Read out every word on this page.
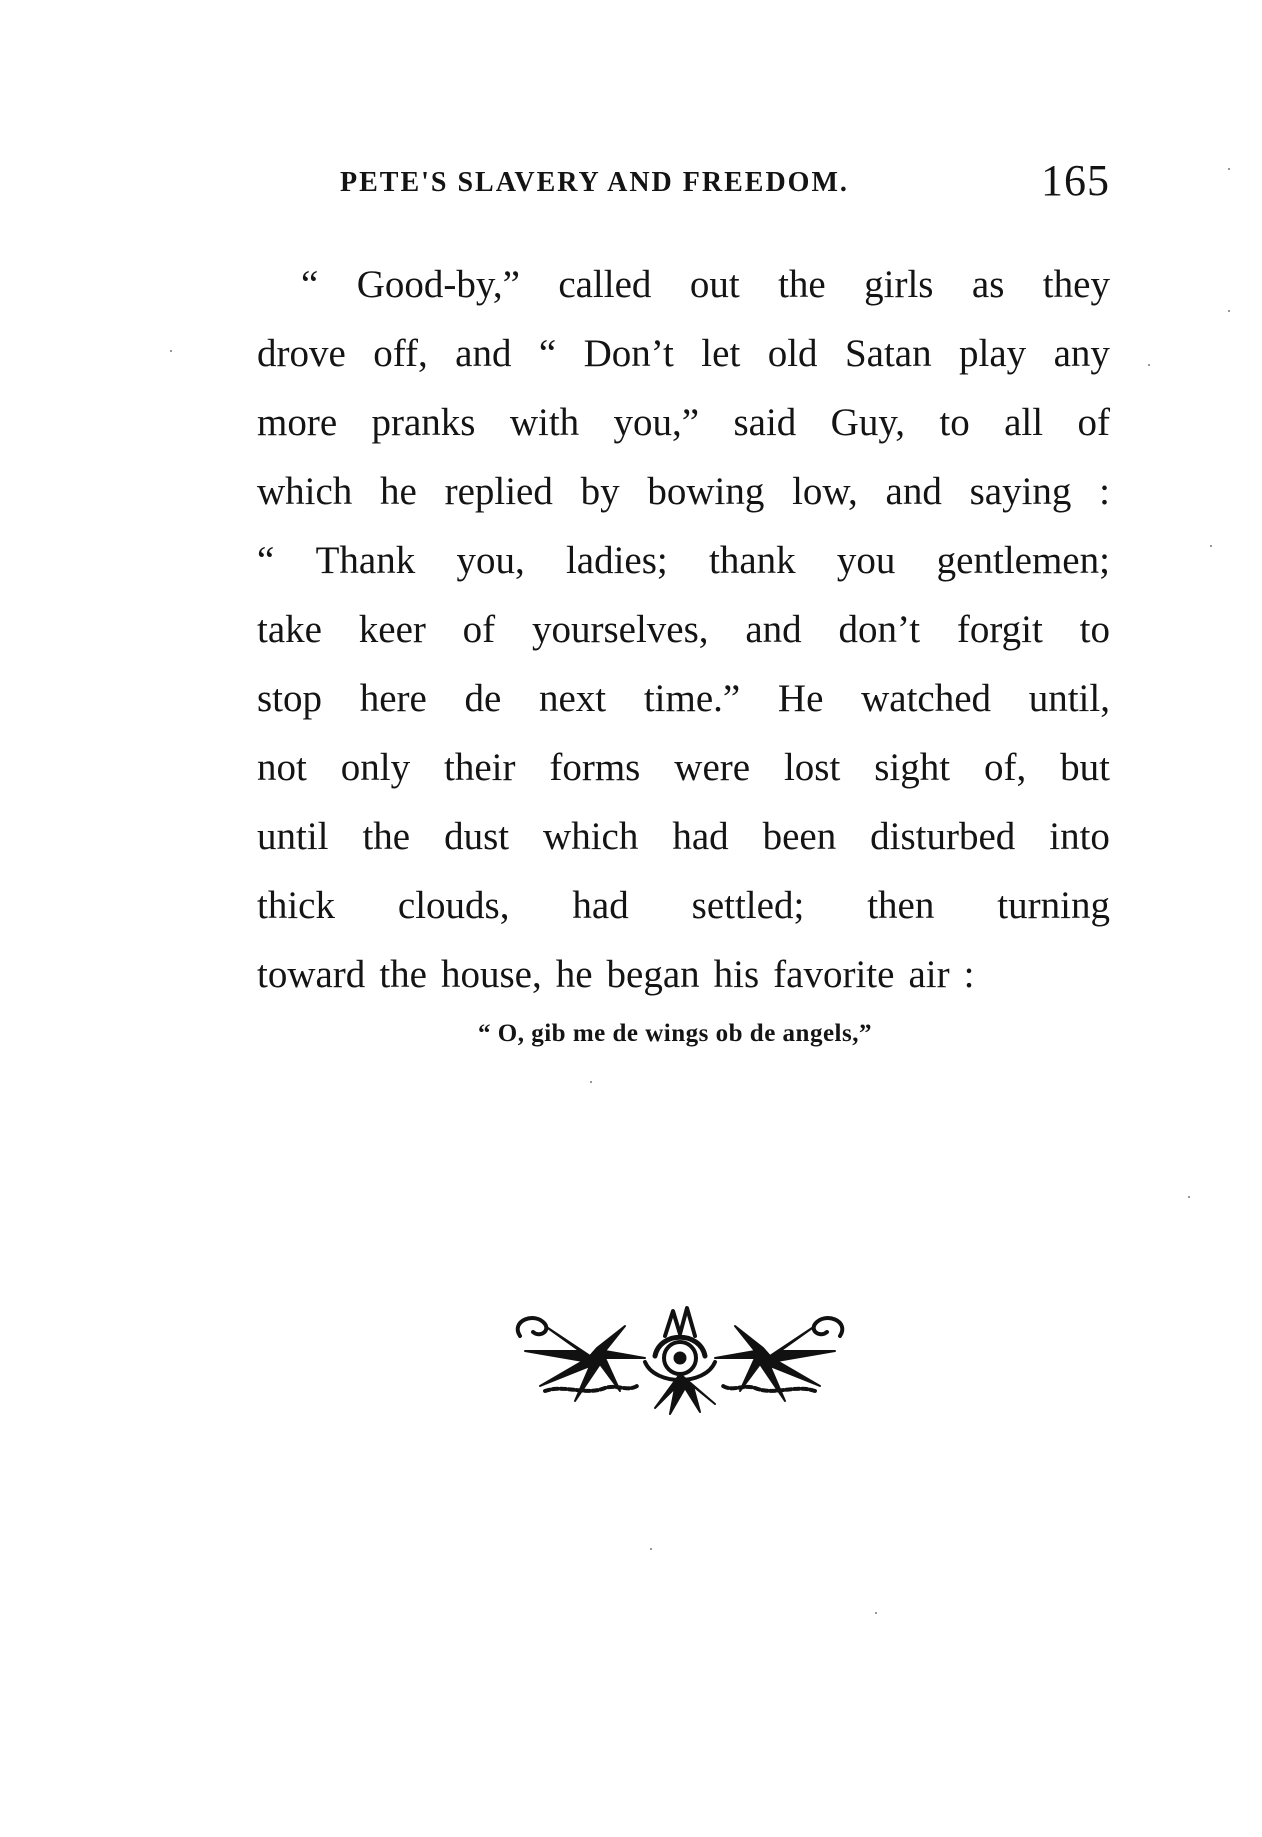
PETE'S SLAVERY AND FREEDOM.	165
“ Good-by,” called out the girls as they
drove off, and “ Don’t let old Satan play any
more pranks with you,” said Guy, to all of
which he replied by bowing low, and saying :
“ Thank you, ladies; thank you gentlemen;
take keer of yourselves, and don’t forgit to
stop here de next time.” He watched until,
not only their forms were lost sight of, but
until the dust which had been disturbed into
thick clouds, had settled; then turning
toward the house, he began his favorite air :
“ O, gib me de wings ob de angels,”
